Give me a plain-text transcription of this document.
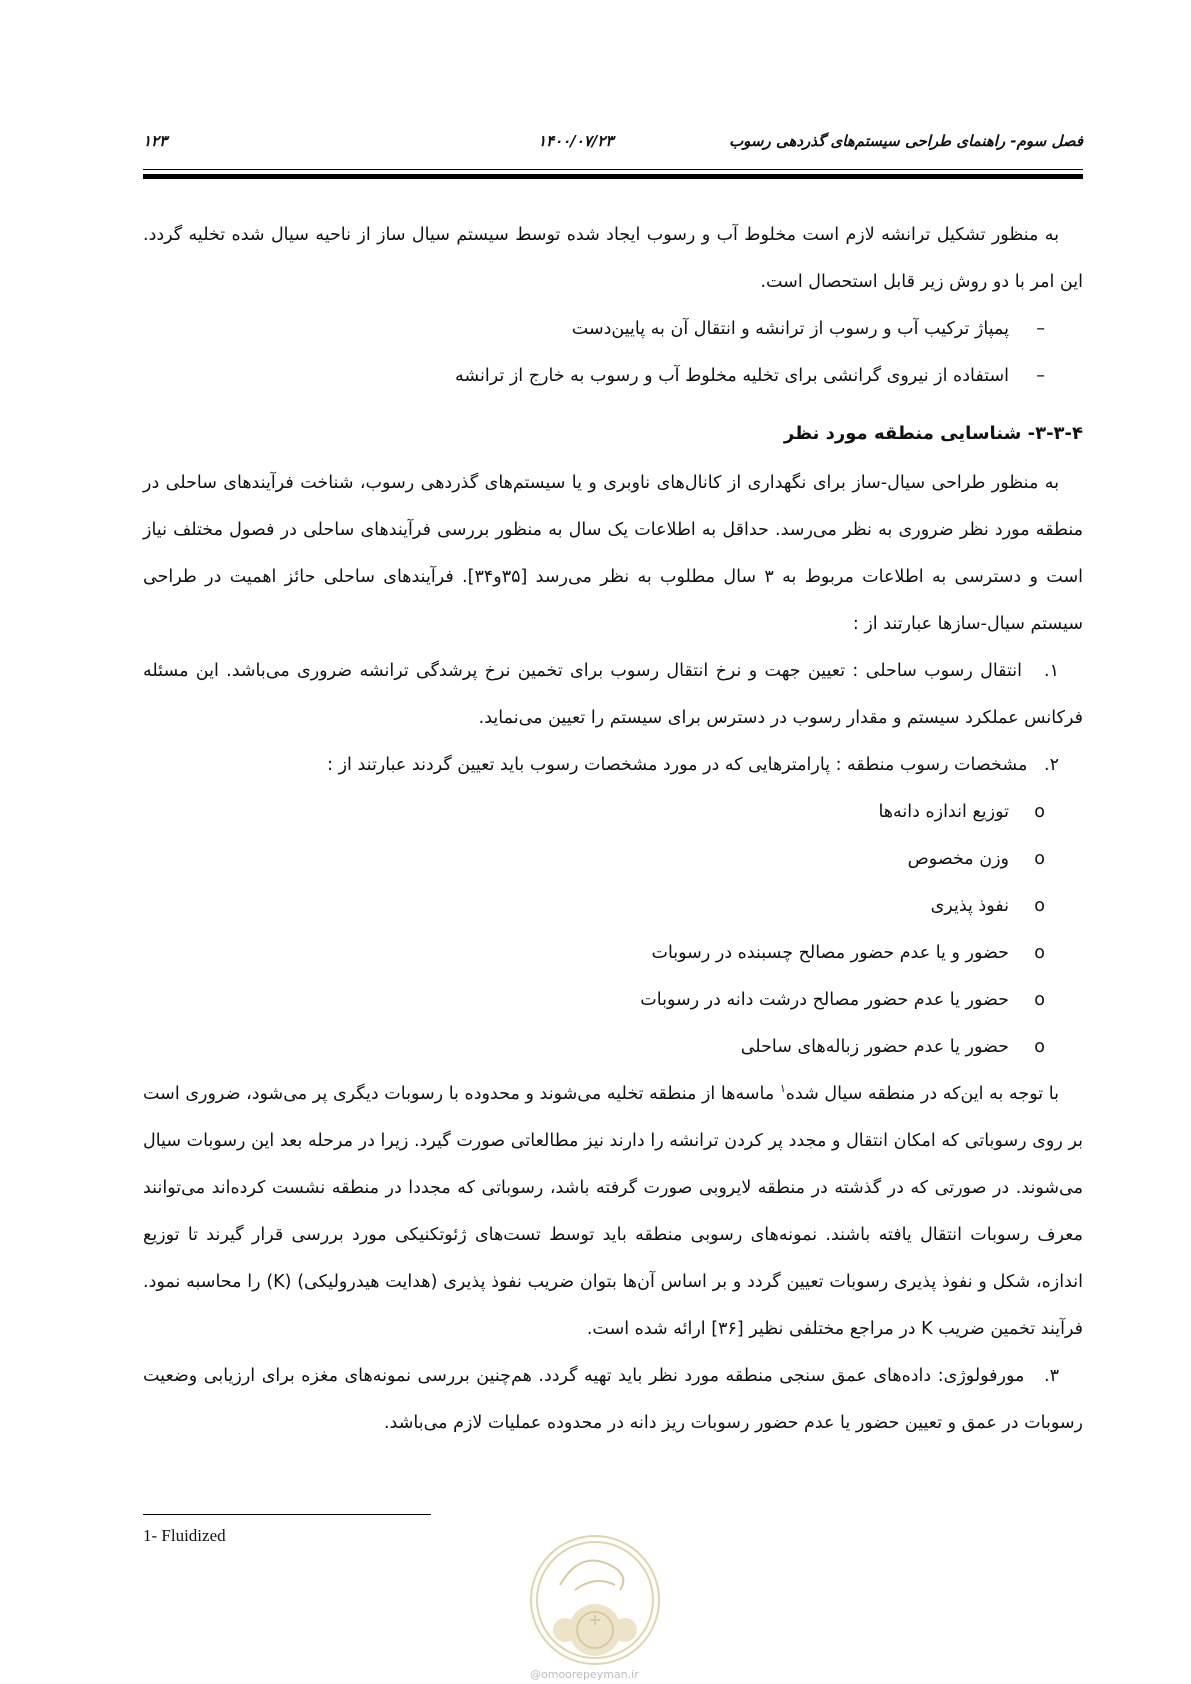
فصل سوم- راهنمای طراحی سیستم‌های گذردهی رسوب
۱۴۰۰/۰۷/۲۳
۱۲۳

به منظور تشکیل ترانشه لازم است مخلوط آب و رسوب ایجاد شده توسط سیستم سیال ساز از ناحیه سیال شده تخلیه گردد. این امر با دو روش زیر قابل استحصال است.

–
پمپاژ ترکیب آب و رسوب از ترانشه و انتقال آن به پایین‌دست
–
استفاده از نیروی گرانشی برای تخلیه مخلوط آب و رسوب به خارج از ترانشه

۳-۳-۴- شناسایی منطقه مورد نظر

به منظور طراحی سیال-ساز برای نگهداری از کانال‌های ناوبری و یا سیستم‌های گذردهی رسوب، شناخت فرآیندهای ساحلی در منطقه مورد نظر ضروری به نظر می‌رسد. حداقل به اطلاعات یک سال به منظور بررسی فرآیندهای ساحلی در فصول مختلف نیاز است و دسترسی به اطلاعات مربوط به ۳ سال مطلوب به نظر می‌رسد [۳۵و۳۴]. فرآیندهای ساحلی حائز اهمیت در طراحی سیستم سیال-سازها عبارتند از :

۱.   انتقال رسوب ساحلی : تعیین جهت و نرخ انتقال رسوب برای تخمین نرخ پرشدگی ترانشه ضروری می‌باشد. این مسئله فرکانس عملکرد سیستم و مقدار رسوب در دسترس برای سیستم را تعیین می‌نماید.

۲.   مشخصات رسوب منطقه : پارامترهایی که در مورد مشخصات رسوب باید تعیین گردند عبارتند از :

o
توزیع اندازه دانه‌ها
o
وزن مخصوص
o
نفوذ پذیری
o
حضور و یا عدم حضور مصالح چسبنده در رسوبات
o
حضور یا عدم حضور مصالح درشت دانه در رسوبات
o
حضور یا عدم حضور زباله‌های ساحلی

با توجه به این‌که در منطقه سیال شده$^۱$ ماسه‌ها از منطقه تخلیه می‌شوند و محدوده با رسوبات دیگری پر می‌شود، ضروری است بر روی رسوباتی که امکان انتقال و مجدد پر کردن ترانشه را دارند نیز مطالعاتی صورت گیرد. زیرا در مرحله بعد این رسوبات سیال می‌شوند. در صورتی که در گذشته در منطقه لایروبی صورت گرفته باشد، رسوباتی که مجددا در منطقه نشست کرده‌اند می‌توانند معرف رسوبات انتقال یافته باشند. نمونه‌های رسوبی منطقه باید توسط تست‌های ژئوتکنیکی مورد بررسی قرار گیرند تا توزیع اندازه، شکل و نفوذ پذیری رسوبات تعیین گردد و بر اساس آن‌ها بتوان ضریب نفوذ پذیری (هدایت هیدرولیکی) (K) را محاسبه نمود. فرآیند تخمین ضریب K در مراجع مختلفی نظیر [۳۶] ارائه شده است.

۳.   مورفولوژی: داده‌های عمق سنجی منطقه مورد نظر باید تهیه گردد. هم‌چنین بررسی نمونه‌های مغزه برای ارزیابی وضعیت رسوبات در عمق و تعیین حضور یا عدم حضور رسوبات ریز دانه در محدوده عملیات لازم می‌باشد.

1- Fluidized
@omoorepeyman.ir
